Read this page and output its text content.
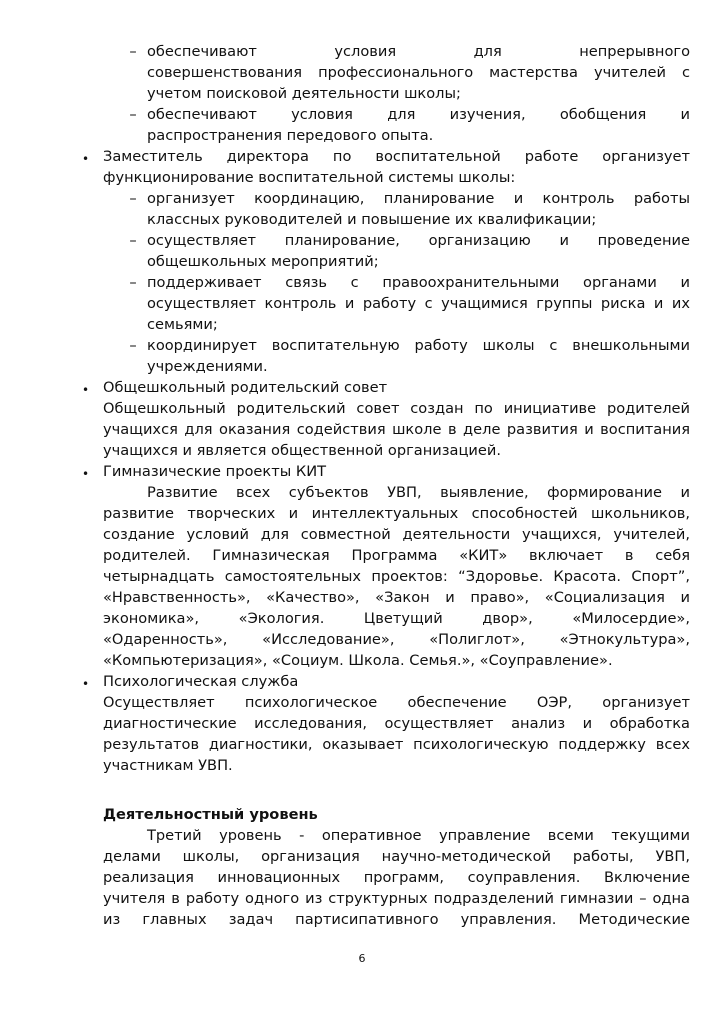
– обеспечивают условия для непрерывного
совершенствования профессионального мастерства учителей с
учетом поисковой деятельности школы;
– обеспечивают условия для изучения, обобщения и
распространения передового опыта.
• Заместитель директора по воспитательной работе организует
функционирование воспитательной системы школы:
– организует координацию, планирование и контроль работы
классных руководителей и повышение их квалификации;
– осуществляет планирование, организацию и проведение
общешкольных мероприятий;
– поддерживает связь с правоохранительными органами и
осуществляет контроль и работу с учащимися группы риска и их
семьями;
– координирует воспитательную работу школы с внешкольными
учреждениями.
• Общешкольный родительский совет
Общешкольный родительский совет создан по инициативе родителей
учащихся для оказания содействия школе в деле развития и воспитания
учащихся и является общественной организацией.
• Гимназические проекты КИТ
Развитие всех субъектов УВП, выявление, формирование и
развитие творческих и интеллектуальных способностей школьников,
создание условий для совместной деятельности учащихся, учителей,
родителей. Гимназическая Программа «КИТ» включает в себя
четырнадцать самостоятельных проектов: “Здоровье. Красота. Спорт”,
«Нравственность», «Качество», «Закон и право», «Социализация и
экономика», «Экология. Цветущий двор», «Милосердие»,
«Одаренность», «Исследование», «Полиглот», «Этнокультура»,
«Компьютеризация», «Социум. Школа. Семья.», «Соуправление».
• Психологическая служба
Осуществляет психологическое обеспечение ОЭР, организует
диагностические исследования, осуществляет анализ и обработка
результатов диагностики, оказывает психологическую поддержку всех
участникам УВП.
Деятельностный уровень
Третий уровень - оперативное управление всеми текущими
делами школы, организация научно-методической работы, УВП,
реализация инновационных программ, соуправления. Включение
учителя в работу одного из структурных подразделений гимназии – одна
из главных задач партисипативного управления. Методические
6
